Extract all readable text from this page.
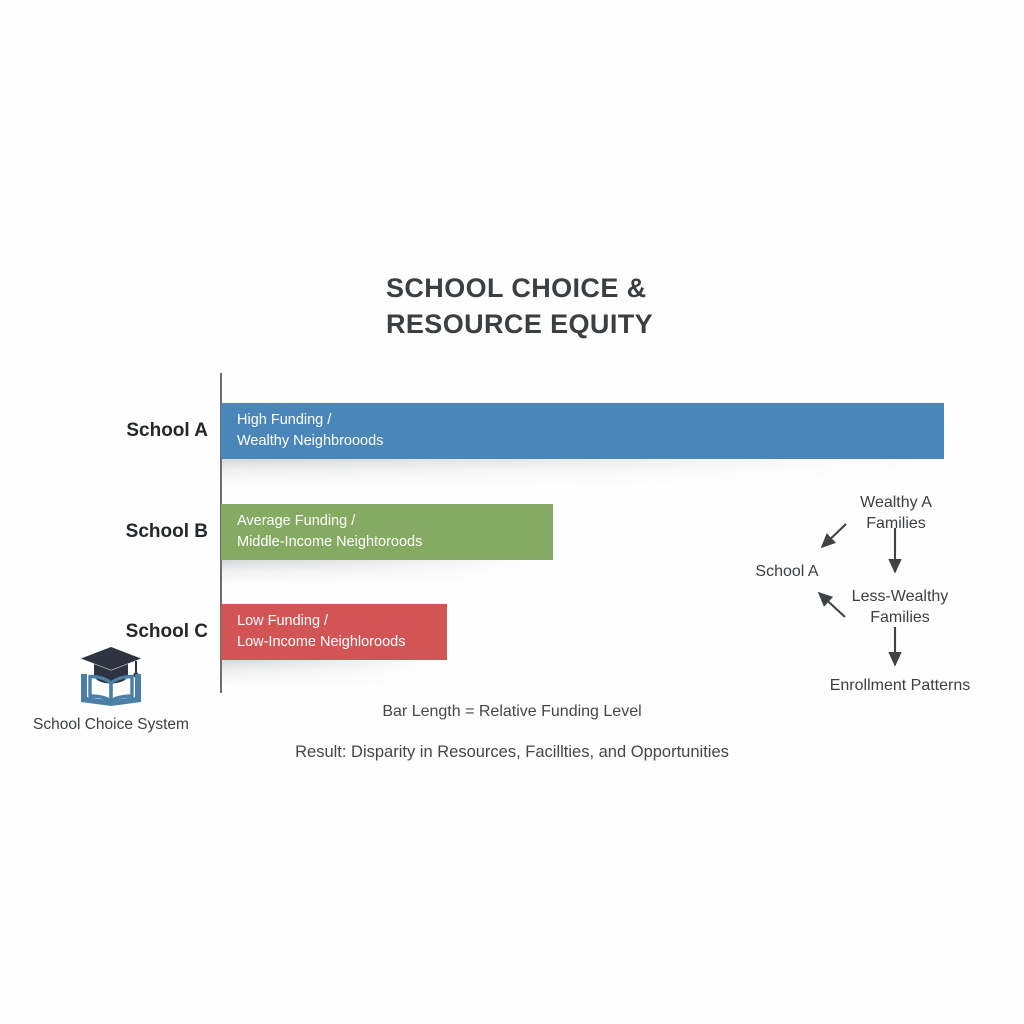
SCHOOL CHOICE &
RESOURCE EQUITY
School A High Funding /
Wealthy Neighbrooods
School B Average Funding /
Middle-Income Neightoroods
School C Low Funding /
Low-Income Neighloroods
Wealthy A
Families
School A
Less-Wealthy
Families
Enrollment Patterns
Bar Length = Relative Funding Level
Result: Disparity in Resources, Facillties, and Opportunities
School Choice System
